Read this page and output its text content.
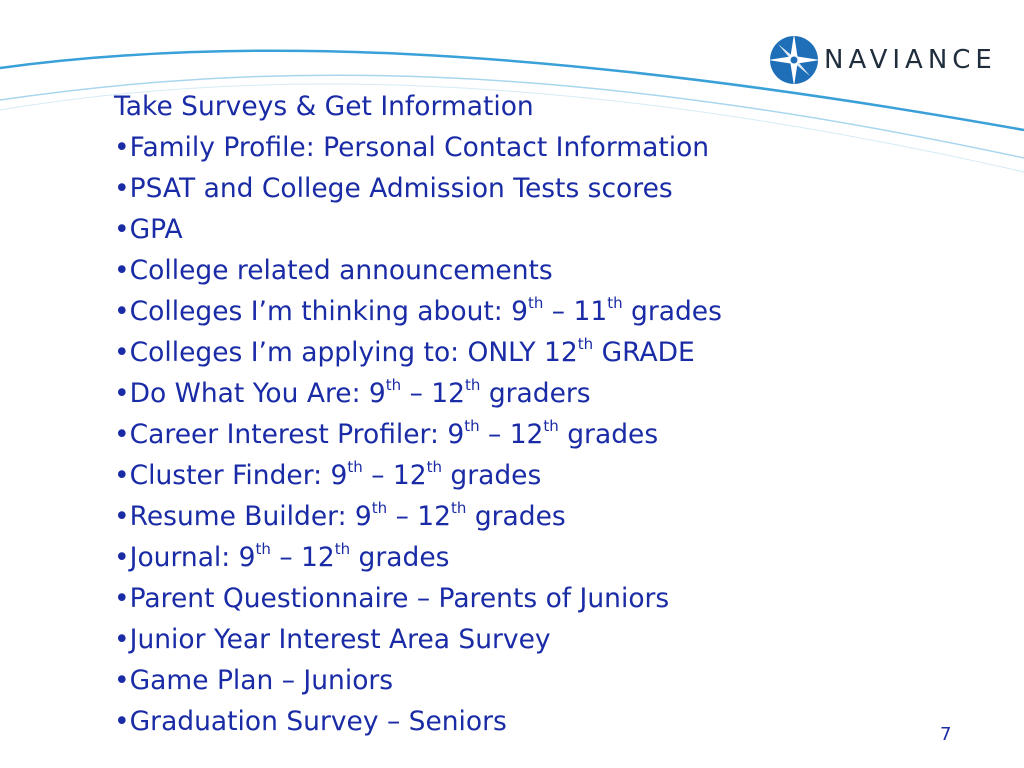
NAVIANCE
Take Surveys & Get Information
•Family Profile: Personal Contact Information
•PSAT and College Admission Tests scores
•GPA
•College related announcements
•Colleges I’m thinking about: 9th – 11th grades
•Colleges I’m applying to: ONLY 12th GRADE
•Do What You Are: 9th – 12th graders
•Career Interest Profiler: 9th – 12th grades
•Cluster Finder: 9th – 12th grades
•Resume Builder: 9th – 12th grades
•Journal: 9th – 12th grades
•Parent Questionnaire – Parents of Juniors
•Junior Year Interest Area Survey
•Game Plan – Juniors
•Graduation Survey – Seniors	7
